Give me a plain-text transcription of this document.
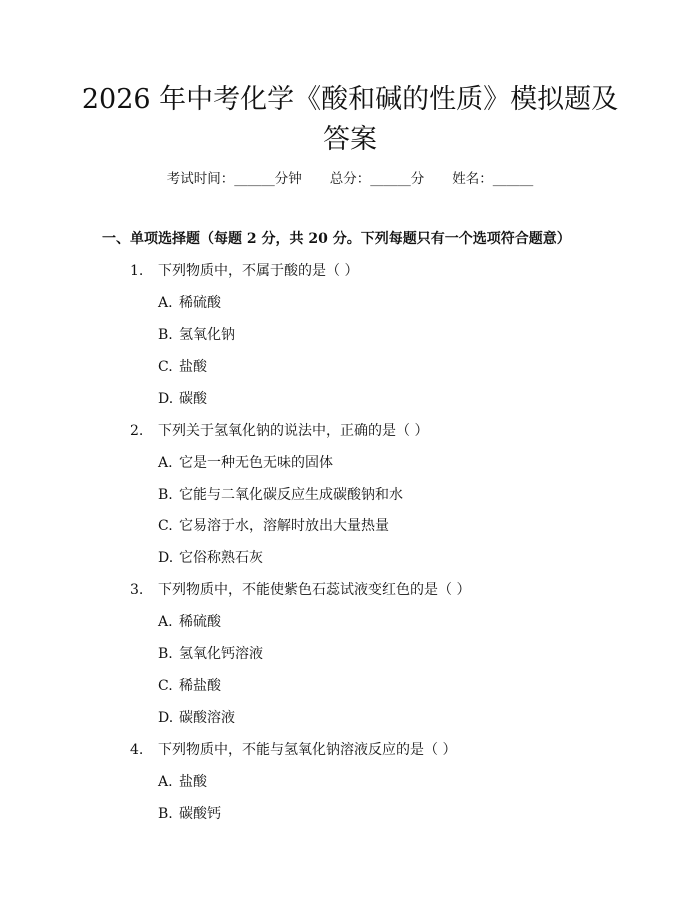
2026 年中考化学《酸和碱的性质》模拟题及
答案
考试时间：______分钟 总分：______分 姓名：______
一、单项选择题（每题 2 分，共 20 分。下列每题只有一个选项符合题意）
1. 下列物质中，不属于酸的是（ ）
A. 稀硫酸
B. 氢氧化钠
C. 盐酸
D. 碳酸
2. 下列关于氢氧化钠的说法中，正确的是（ ）
A. 它是一种无色无味的固体
B. 它能与二氧化碳反应生成碳酸钠和水
C. 它易溶于水，溶解时放出大量热量
D. 它俗称熟石灰
3. 下列物质中，不能使紫色石蕊试液变红色的是（ ）
A. 稀硫酸
B. 氢氧化钙溶液
C. 稀盐酸
D. 碳酸溶液
4. 下列物质中，不能与氢氧化钠溶液反应的是（ ）
A. 盐酸
B. 碳酸钙
